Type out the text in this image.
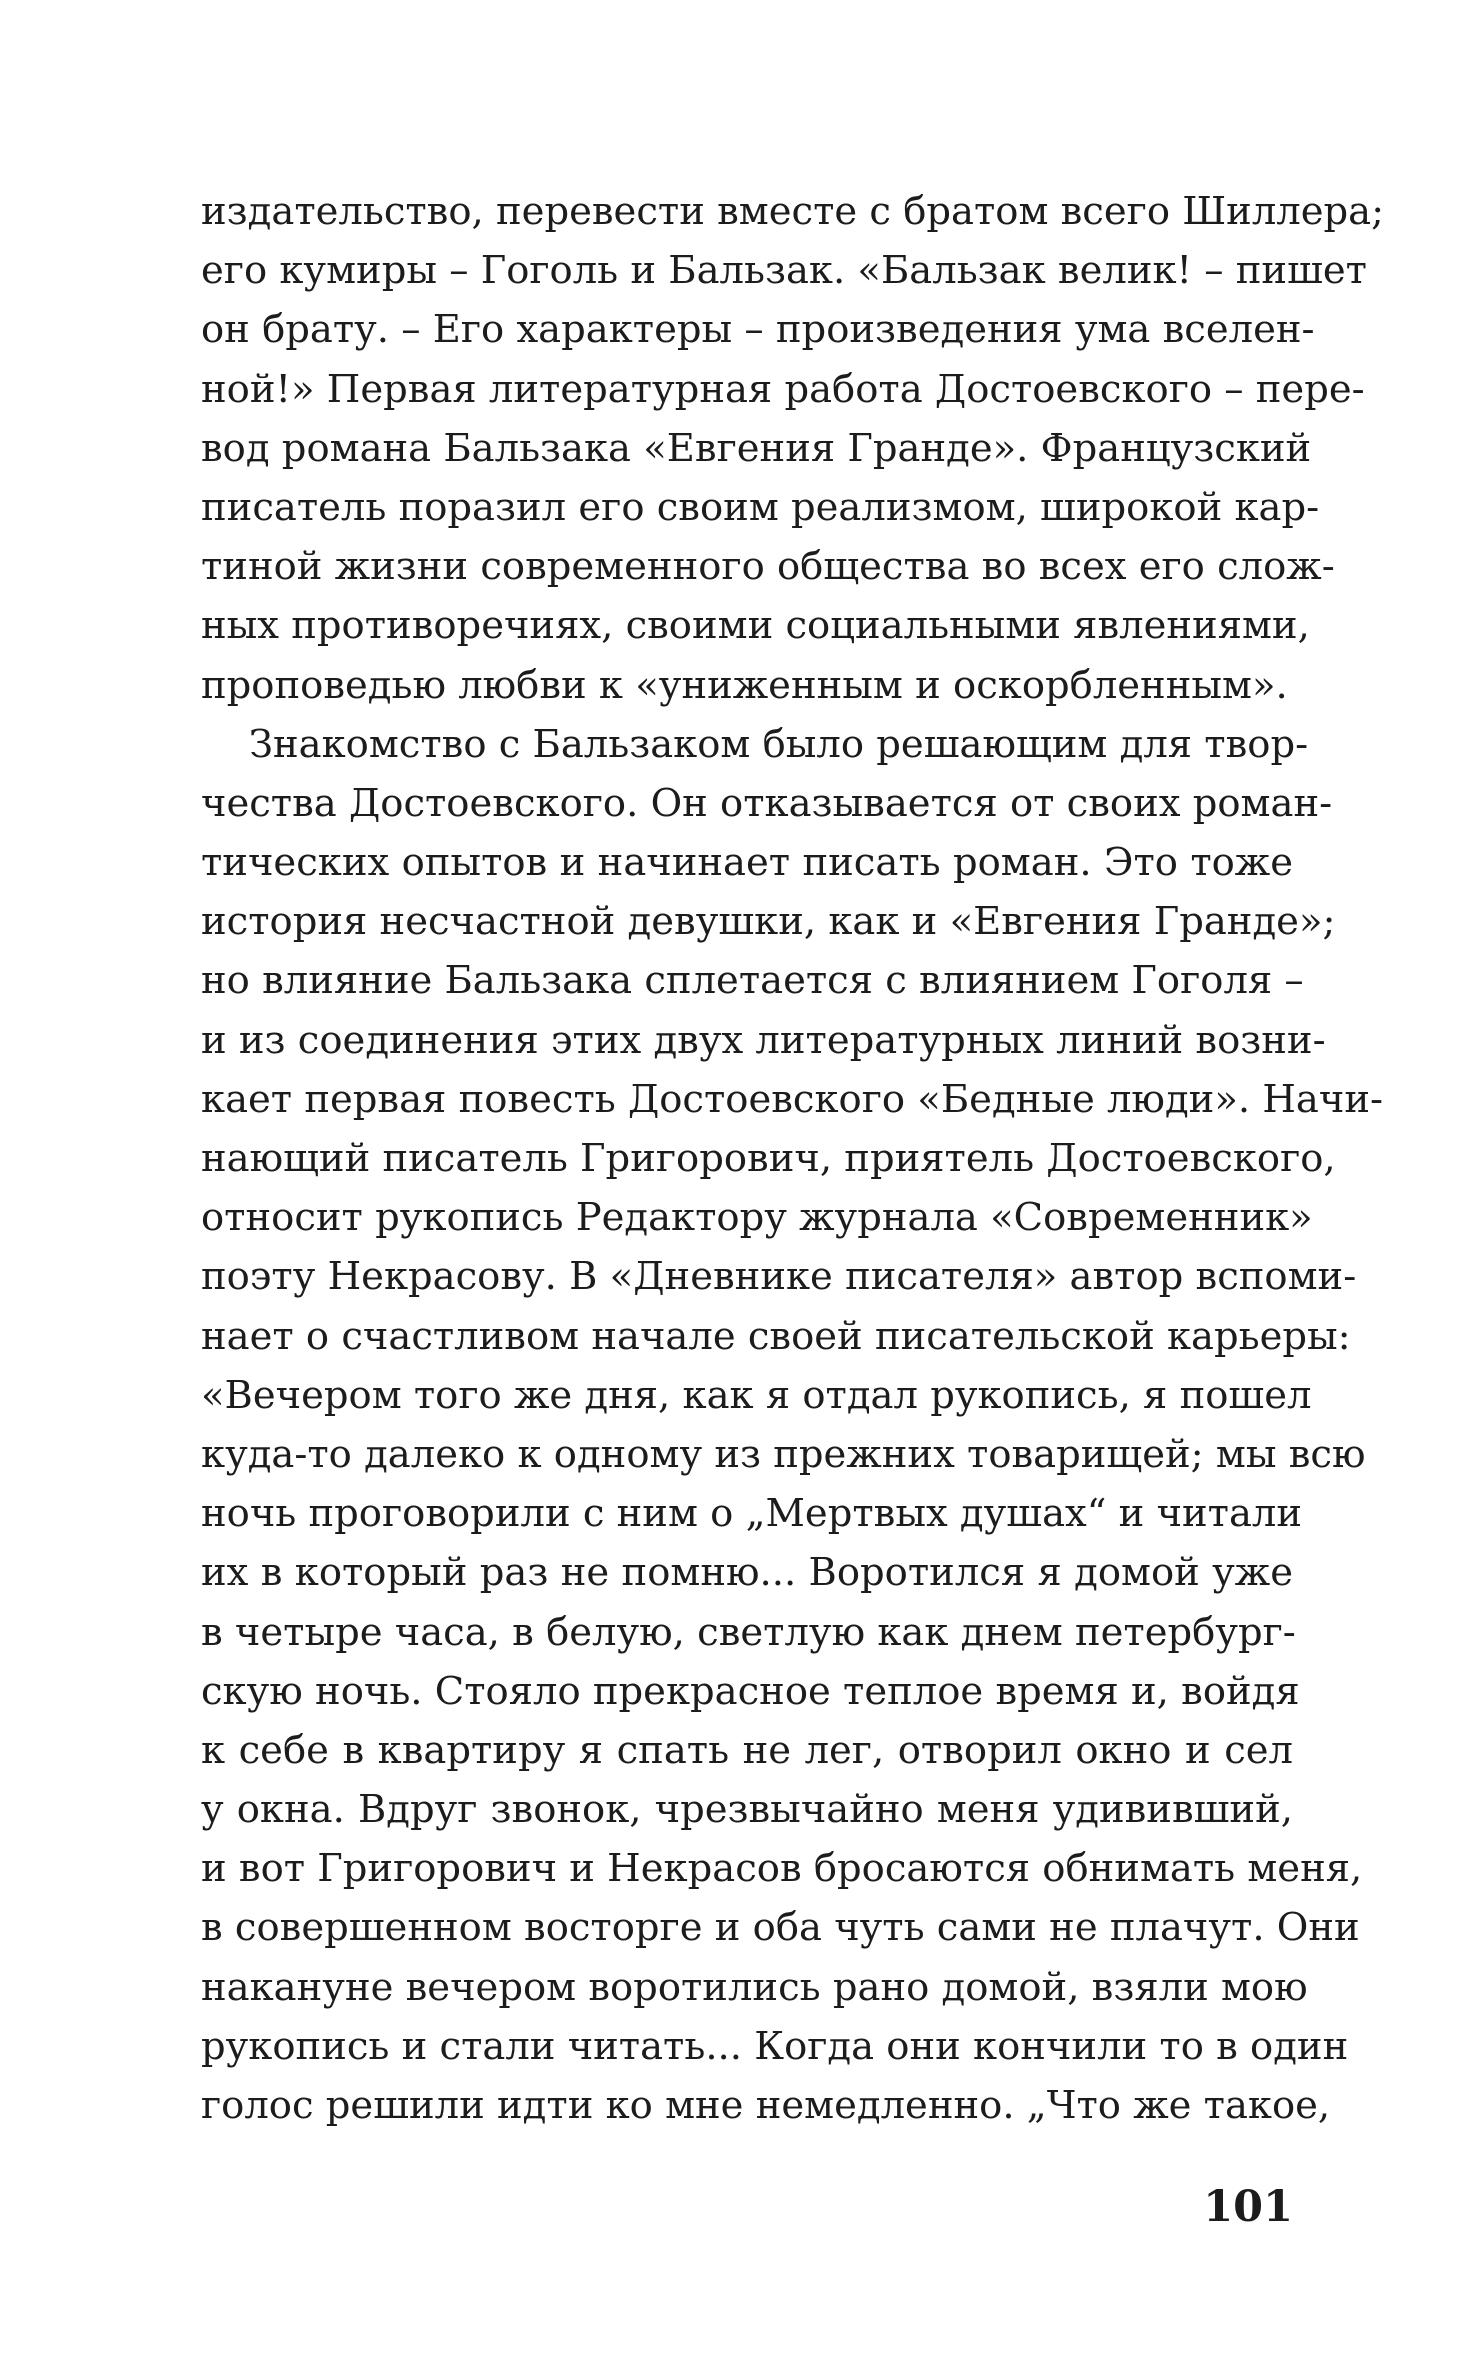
издательство, перевести вместе с братом всего Шиллера;
его кумиры – Гоголь и Бальзак. «Бальзак велик! – пишет
он брату. – Его характеры – произведения ума вселен-
ной!» Первая литературная работа Достоевского – пере-
вод романа Бальзака «Евгения Гранде». Французский
писатель поразил его своим реализмом, широкой кар-
тиной жизни современного общества во всех его слож-
ных противоречиях, своими социальными явлениями,
проповедью любви к «униженным и оскорбленным».
Знакомство с Бальзаком было решающим для твор-
чества Достоевского. Он отказывается от своих роман-
тических опытов и начинает писать роман. Это тоже
история несчастной девушки, как и «Евгения Гранде»;
но влияние Бальзака сплетается с влиянием Гоголя –
и из соединения этих двух литературных линий возни-
кает первая повесть Достоевского «Бедные люди». Начи-
нающий писатель Григорович, приятель Достоевского,
относит рукопись Редактору журнала «Современник»
поэту Некрасову. В «Дневнике писателя» автор вспоми-
нает о счастливом начале своей писательской карьеры:
«Вечером того же дня, как я отдал рукопись, я пошел
куда-то далеко к одному из прежних товарищей; мы всю
ночь проговорили с ним о „Мертвых душах“ и читали
их в который раз не помню... Воротился я домой уже
в четыре часа, в белую, светлую как днем петербург-
скую ночь. Стояло прекрасное теплое время и, войдя
к себе в квартиру я спать не лег, отворил окно и сел
у окна. Вдруг звонок, чрезвычайно меня удививший,
и вот Григорович и Некрасов бросаются обнимать меня,
в совершенном восторге и оба чуть сами не плачут. Они
накануне вечером воротились рано домой, взяли мою
рукопись и стали читать... Когда они кончили то в один
голос решили идти ко мне немедленно. „Что же такое,
101
